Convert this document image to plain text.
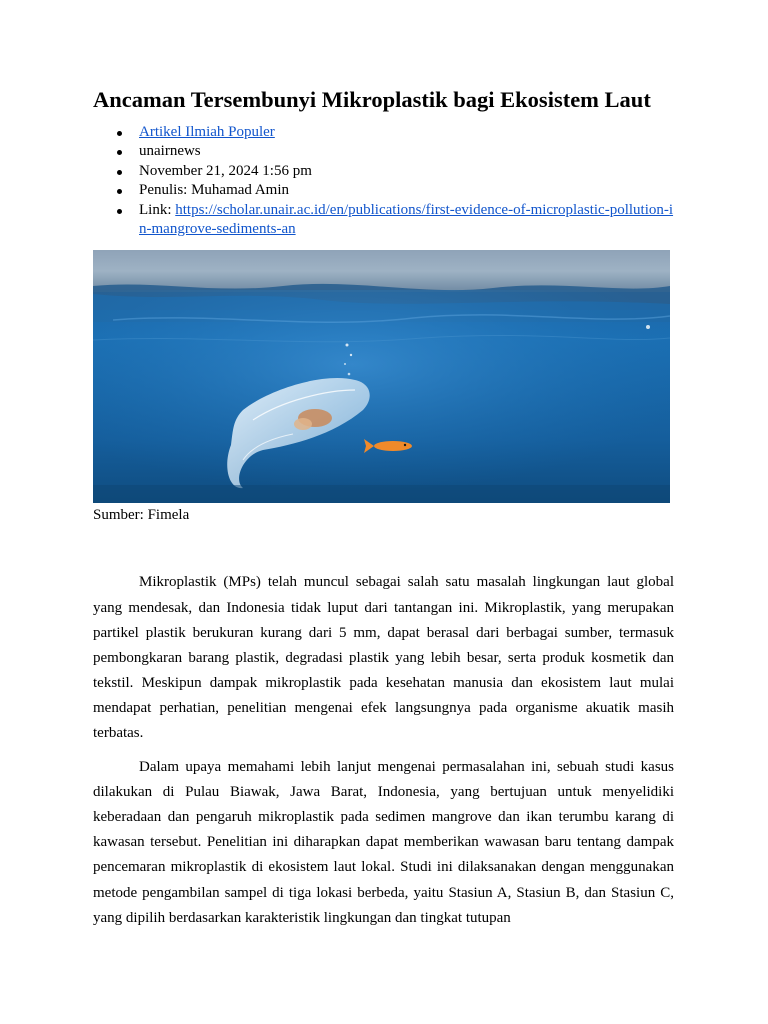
Ancaman Tersembunyi Mikroplastik bagi Ekosistem Laut
Artikel Ilmiah Populer
unairnews
November 21, 2024 1:56 pm
Penulis: Muhamad Amin
Link: https://scholar.unair.ac.id/en/publications/first-evidence-of-microplastic-pollution-in-mangrove-sediments-an
Sumber: Fimela

Mikroplastik (MPs) telah muncul sebagai salah satu masalah lingkungan laut global yang mendesak, dan Indonesia tidak luput dari tantangan ini. Mikroplastik, yang merupakan partikel plastik berukuran kurang dari 5 mm, dapat berasal dari berbagai sumber, termasuk pembongkaran barang plastik, degradasi plastik yang lebih besar, serta produk kosmetik dan tekstil. Meskipun dampak mikroplastik pada kesehatan manusia dan ekosistem laut mulai mendapat perhatian, penelitian mengenai efek langsungnya pada organisme akuatik masih terbatas.

Dalam upaya memahami lebih lanjut mengenai permasalahan ini, sebuah studi kasus dilakukan di Pulau Biawak, Jawa Barat, Indonesia, yang bertujuan untuk menyelidiki keberadaan dan pengaruh mikroplastik pada sedimen mangrove dan ikan terumbu karang di kawasan tersebut. Penelitian ini diharapkan dapat memberikan wawasan baru tentang dampak pencemaran mikroplastik di ekosistem laut lokal. Studi ini dilaksanakan dengan menggunakan metode pengambilan sampel di tiga lokasi berbeda, yaitu Stasiun A, Stasiun B, dan Stasiun C, yang dipilih berdasarkan karakteristik lingkungan dan tingkat tutupan
